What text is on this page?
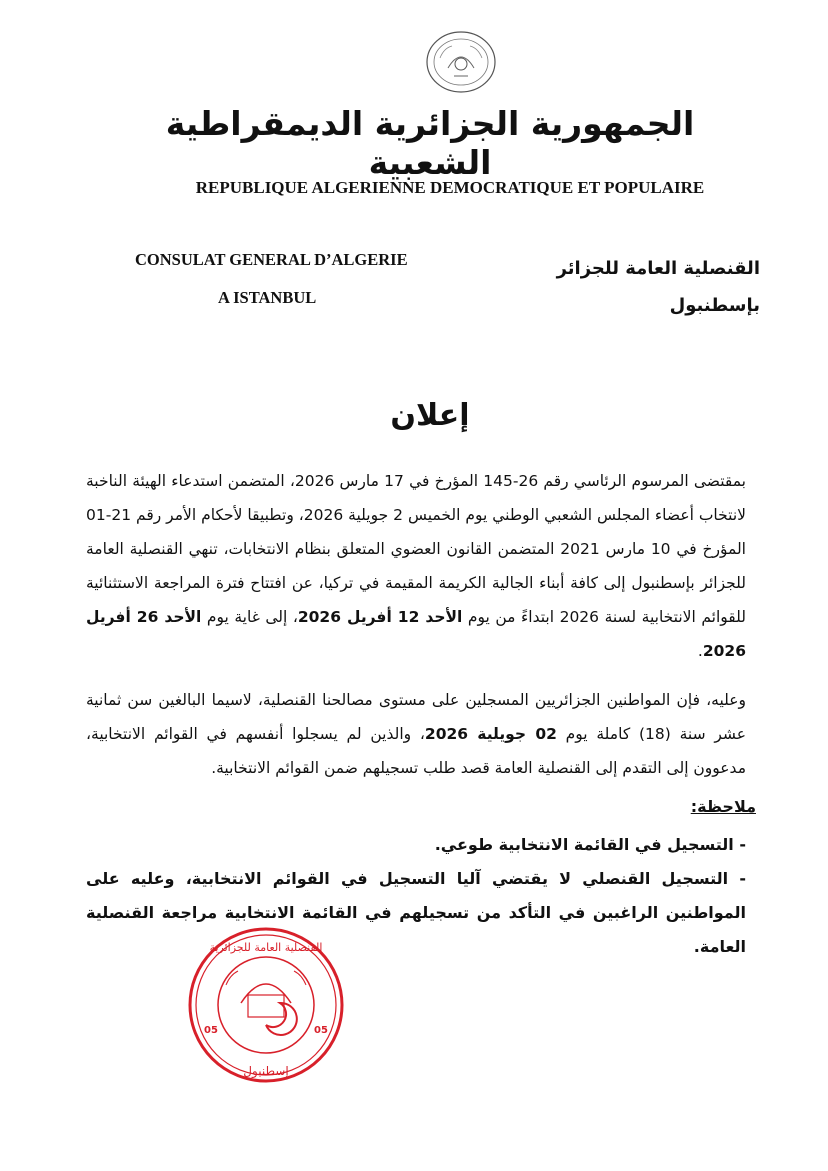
الجمهورية الجزائرية الديمقراطية الشعبية
REPUBLIQUE ALGERIENNE DEMOCRATIQUE ET POPULAIRE
CONSULAT GENERAL D’ALGERIE
A ISTANBUL
القنصلية العامة للجزائر
بإسطنبول
إعلان
بمقتضى المرسوم الرئاسي رقم 26-145 المؤرخ في 17 مارس 2026، المتضمن استدعاء الهيئة الناخبة لانتخاب أعضاء المجلس الشعبي الوطني يوم الخميس 2 جويلية 2026، وتطبيقا لأحكام الأمر رقم 21-01 المؤرخ في 10 مارس 2021 المتضمن القانون العضوي المتعلق بنظام الانتخابات، تنهي القنصلية العامة للجزائر بإسطنبول إلى كافة أبناء الجالية الكريمة المقيمة في تركيا، عن افتتاح فترة المراجعة الاستثنائية للقوائم الانتخابية لسنة 2026 ابتداءً من يوم الأحد 12 أفريل 2026، إلى غاية يوم الأحد 26 أفريل 2026.
وعليه، فإن المواطنين الجزائريين المسجلين على مستوى مصالحنا القنصلية، لاسيما البالغين سن ثمانية عشر سنة (18) كاملة يوم 02 جويلية 2026، والذين لم يسجلوا أنفسهم في القوائم الانتخابية، مدعوون إلى التقدم إلى القنصلية العامة قصد طلب تسجيلهم ضمن القوائم الانتخابية.
ملاحظة:
- التسجيل في القائمة الانتخابية طوعي.
- التسجيل القنصلي لا يقتضي آليا التسجيل في القوائم الانتخابية، وعليه على المواطنين الراغبين في التأكد من تسجيلهم في القائمة الانتخابية مراجعة القنصلية العامة.
القنصلية العامة للجزائرية
إسطنبول
05	05
